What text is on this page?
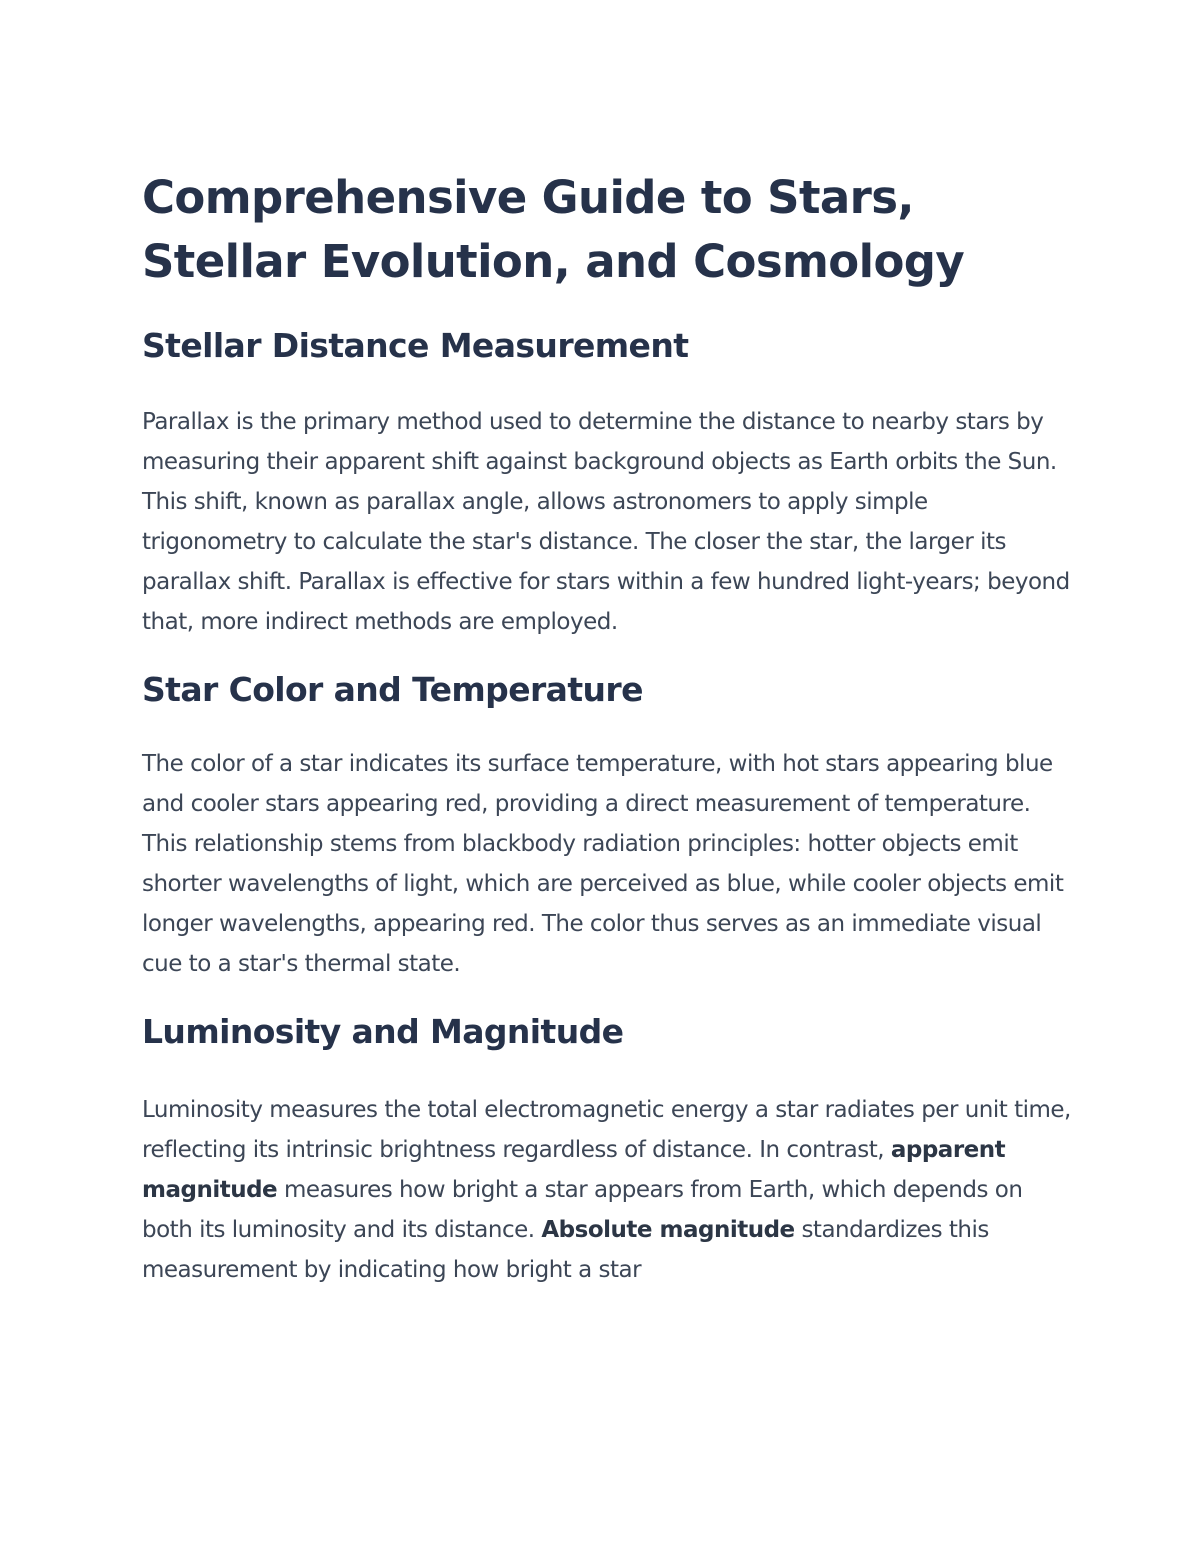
Comprehensive Guide to Stars, Stellar Evolution, and Cosmology
Stellar Distance Measurement

Parallax is the primary method used to determine the distance to nearby stars by measuring their apparent shift against background objects as Earth orbits the Sun. This shift, known as parallax angle, allows astronomers to apply simple trigonometry to calculate the star's distance. The closer the star, the larger its parallax shift. Parallax is effective for stars within a few hundred light-years; beyond that, more indirect methods are employed.

Star Color and Temperature

The color of a star indicates its surface temperature, with hot stars appearing blue and cooler stars appearing red, providing a direct measurement of temperature. This relationship stems from blackbody radiation principles: hotter objects emit shorter wavelengths of light, which are perceived as blue, while cooler objects emit longer wavelengths, appearing red. The color thus serves as an immediate visual cue to a star's thermal state.

Luminosity and Magnitude

Luminosity measures the total electromagnetic energy a star radiates per unit time, reflecting its intrinsic brightness regardless of distance. In contrast, apparent magnitude measures how bright a star appears from Earth, which depends on both its luminosity and its distance. Absolute magnitude standardizes this measurement by indicating how bright a star
